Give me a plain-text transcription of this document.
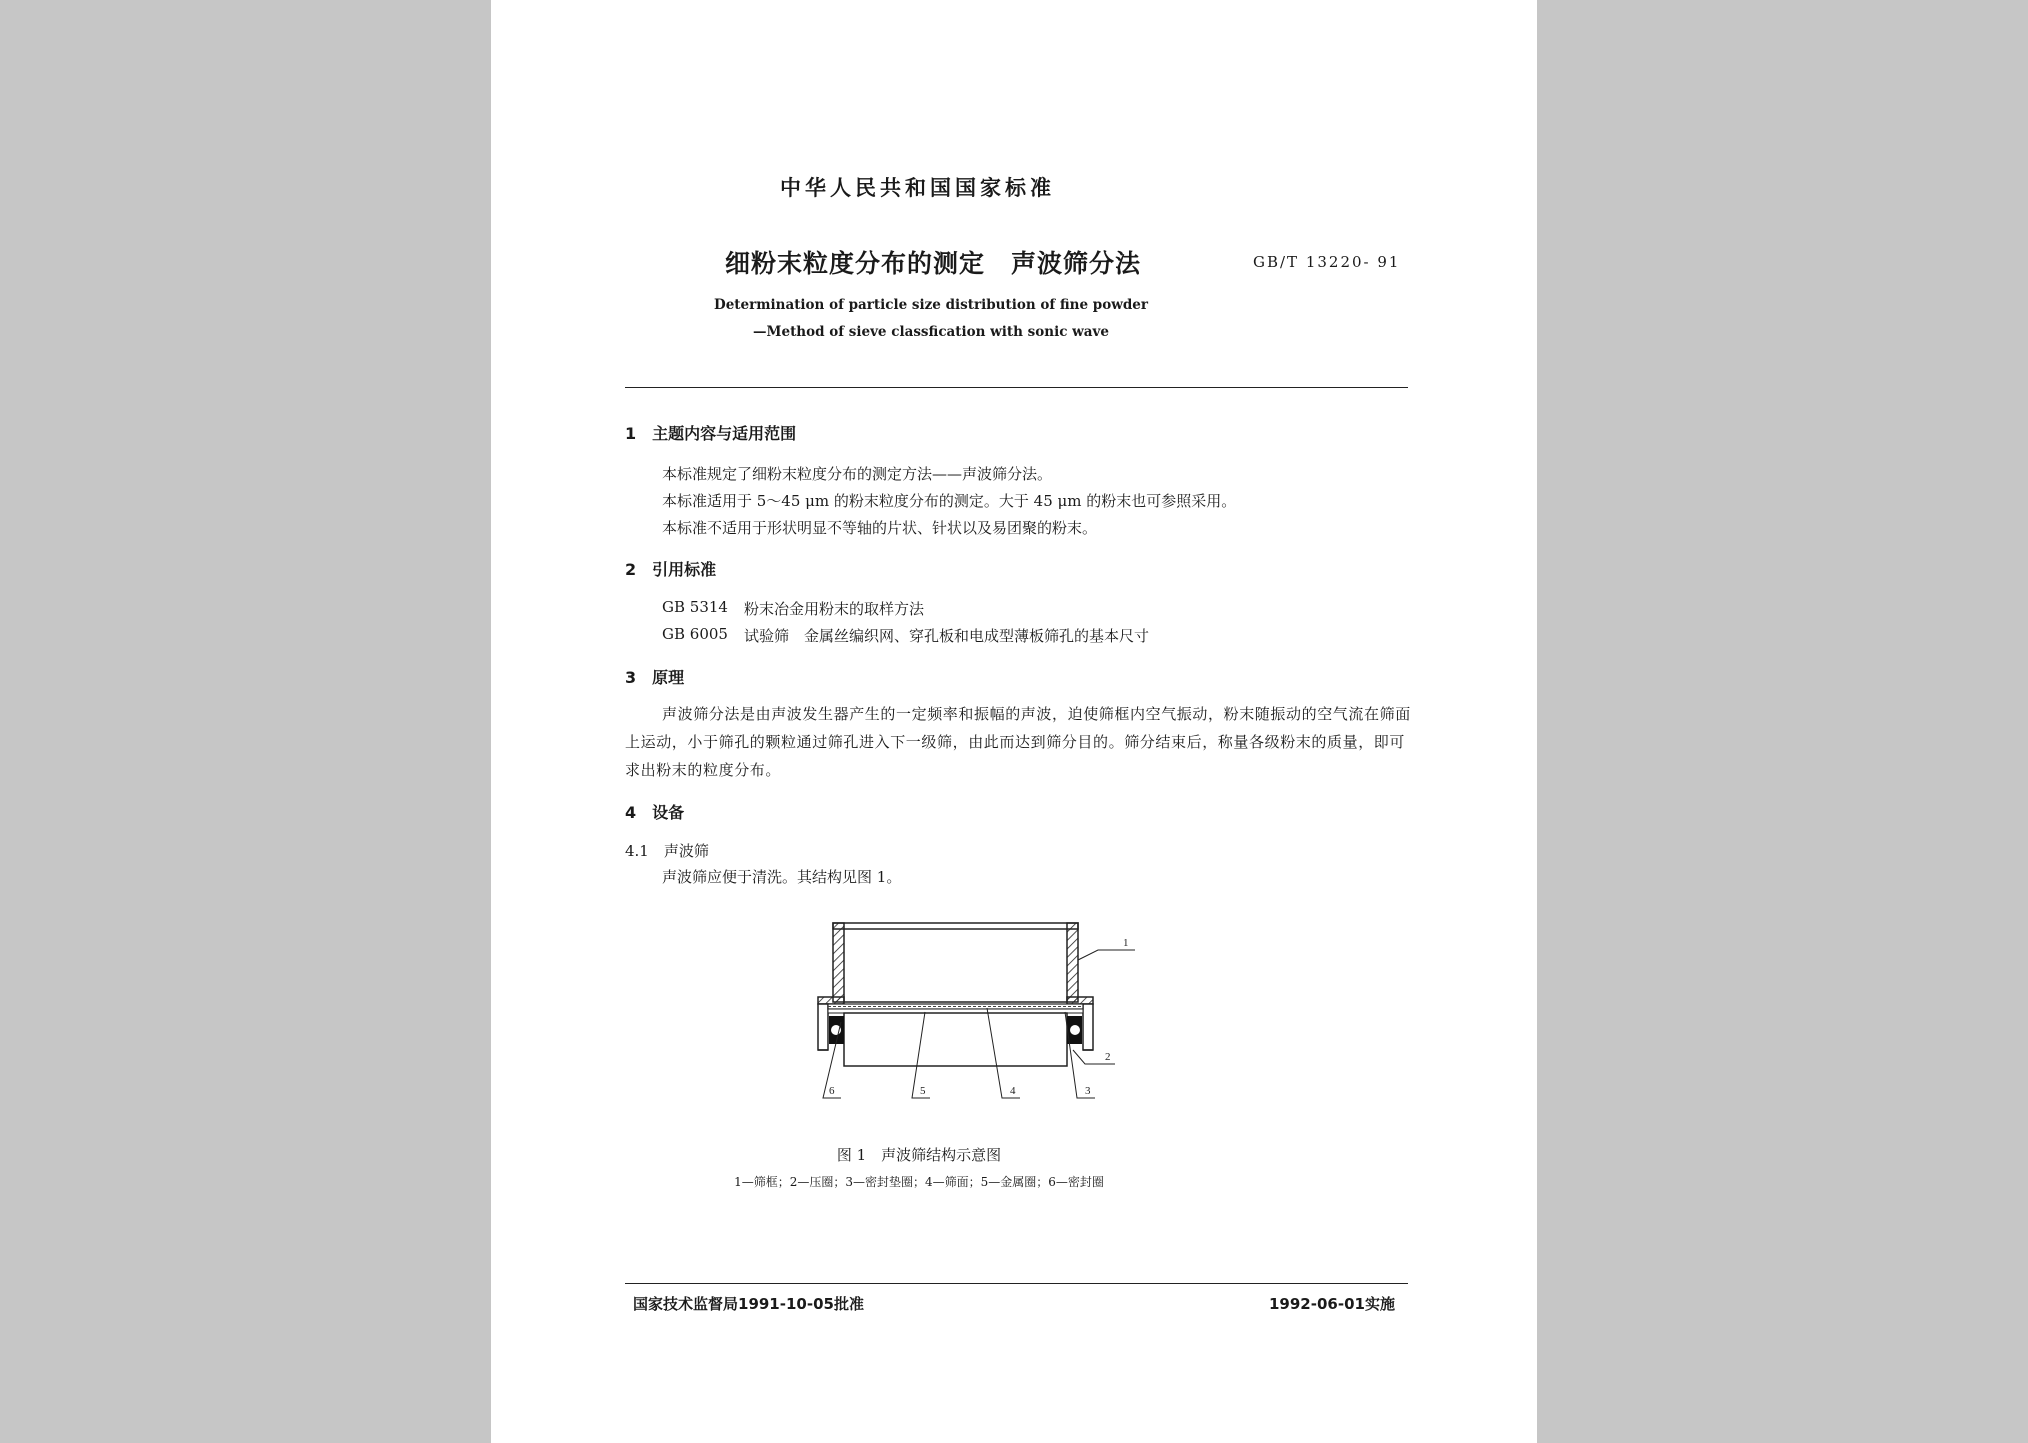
中华人民共和国国家标准
细粉末粒度分布的测定　声波筛分法	GB/T 13220- 91
Determination of particle size distribution of fine powder
—Method of sieve classfication with sonic wave
1　主题内容与适用范围
本标准规定了细粉末粒度分布的测定方法——声波筛分法。
本标准适用于 5～45 μm 的粉末粒度分布的测定。大于 45 μm 的粉末也可参照采用。
本标准不适用于形状明显不等轴的片状、针状以及易团聚的粉末。
2　引用标准
GB 5314 粉末冶金用粉末的取样方法
GB 6005 试验筛　金属丝编织网、穿孔板和电成型薄板筛孔的基本尺寸
3　原理
声波筛分法是由声波发生器产生的一定频率和振幅的声波，迫使筛框内空气振动，粉末随振动的空气流在筛面上运动，小于筛孔的颗粒通过筛孔进入下一级筛，由此而达到筛分目的。筛分结束后，称量各级粉末的质量，即可求出粉末的粒度分布。
4　设备
4.1　声波筛
声波筛应便于清洗。其结构见图 1。
1
2
3
4
5
6
图 1　声波筛结构示意图
1—筛框；2—压圈；3—密封垫圈；4—筛面；5—金属圈；6—密封圈
国家技术监督局1991-10-05批准	1992-06-01实施
